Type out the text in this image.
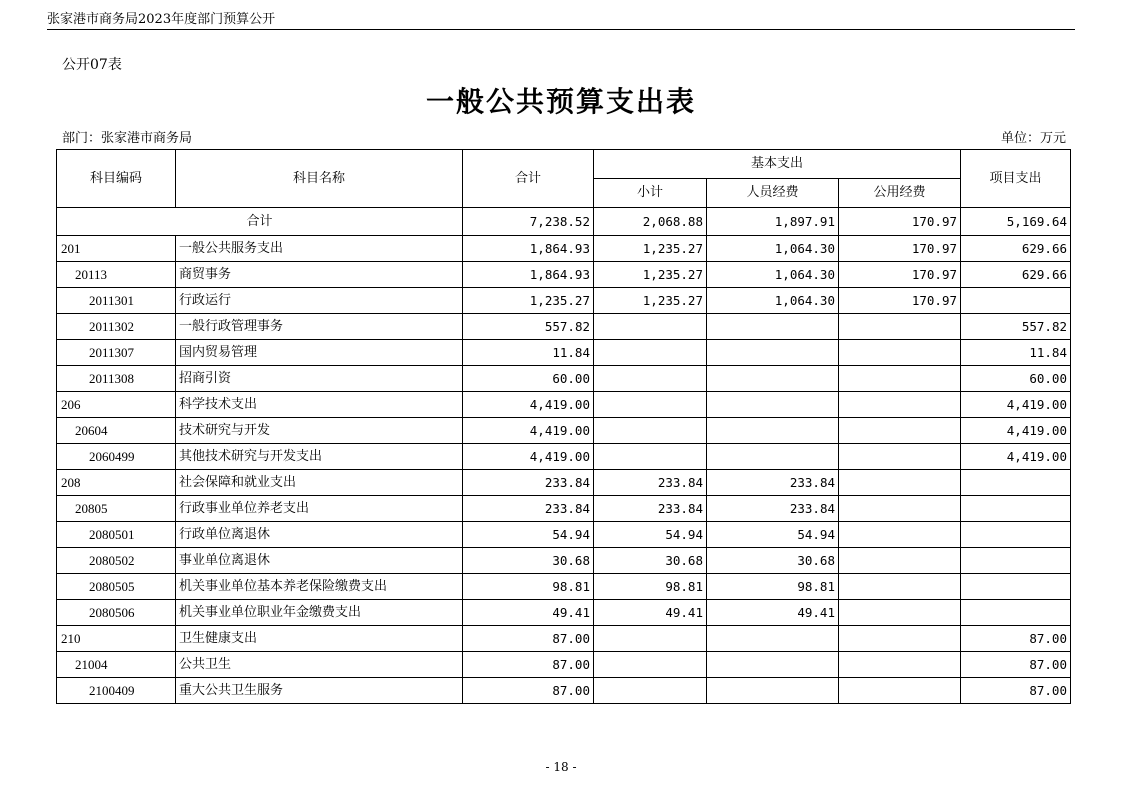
张家港市商务局2023年度部门预算公开
公开07表
一般公共预算支出表
部门：张家港市商务局	单位：万元
科目编码	科目名称	合计	基本支出			项目支出
			小计	人员经费	公用经费	
合计		7,238.52	2,068.88	1,897.91	170.97	5,169.64
201	一般公共服务支出	1,864.93	1,235.27	1,064.30	170.97	629.66
20113	商贸事务	1,864.93	1,235.27	1,064.30	170.97	629.66
2011301	行政运行	1,235.27	1,235.27	1,064.30	170.97	
2011302	一般行政管理事务	557.82				557.82
2011307	国内贸易管理	11.84				11.84
2011308	招商引资	60.00				60.00
206	科学技术支出	4,419.00				4,419.00
20604	技术研究与开发	4,419.00				4,419.00
2060499	其他技术研究与开发支出	4,419.00				4,419.00
208	社会保障和就业支出	233.84	233.84	233.84		
20805	行政事业单位养老支出	233.84	233.84	233.84		
2080501	行政单位离退休	54.94	54.94	54.94		
2080502	事业单位离退休	30.68	30.68	30.68		
2080505	机关事业单位基本养老保险缴费支出	98.81	98.81	98.81		
2080506	机关事业单位职业年金缴费支出	49.41	49.41	49.41		
210	卫生健康支出	87.00				87.00
21004	公共卫生	87.00				87.00
2100409	重大公共卫生服务	87.00				87.00
- 18 -
